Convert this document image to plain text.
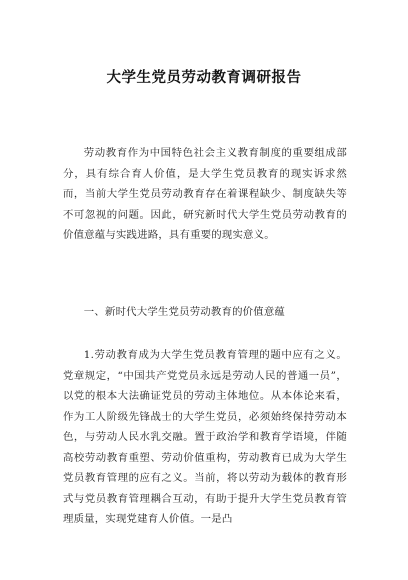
大学生党员劳动教育调研报告
劳动教育作为中国特色社会主义教育制度的重要组成部分，具有综合育人价值，是大学生党员教育的现实诉求然而，当前大学生党员劳动教育存在着课程缺少、制度缺失等不可忽视的问题。因此，研究新时代大学生党员劳动教育的价值意蕴与实践进路，具有重要的现实意义。
一、新时代大学生党员劳动教育的价值意蕴
1.劳动教育成为大学生党员教育管理的题中应有之义。党章规定，“中国共产党党员永远是劳动人民的普通一员”，以党的根本大法确证党员的劳动主体地位。从本体论来看，作为工人阶级先锋战士的大学生党员，必须始终保持劳动本色，与劳动人民水乳交融。置于政治学和教育学语境，伴随高校劳动教育重塑、劳动价值重构，劳动教育已成为大学生党员教育管理的应有之义。当前，将以劳动为载体的教育形式与党员教育管理耦合互动，有助于提升大学生党员教育管理质量，实现党建育人价值。一是凸
